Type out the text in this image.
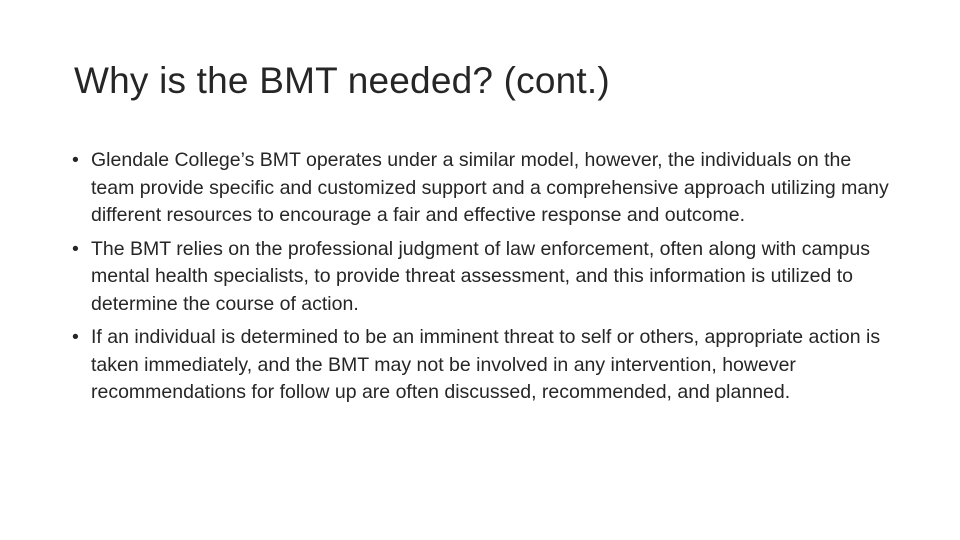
Why is the BMT needed? (cont.)
• Glendale College’s BMT operates under a similar model, however, the individuals on the team provide specific and customized support and a comprehensive approach utilizing many different resources to encourage a fair and effective response and outcome.
• The BMT relies on the professional judgment of law enforcement, often along with campus mental health specialists, to provide threat assessment, and this information is utilized to determine the course of action.
• If an individual is determined to be an imminent threat to self or others, appropriate action is taken immediately, and the BMT may not be involved in any intervention, however recommendations for follow up are often discussed, recommended, and planned.
